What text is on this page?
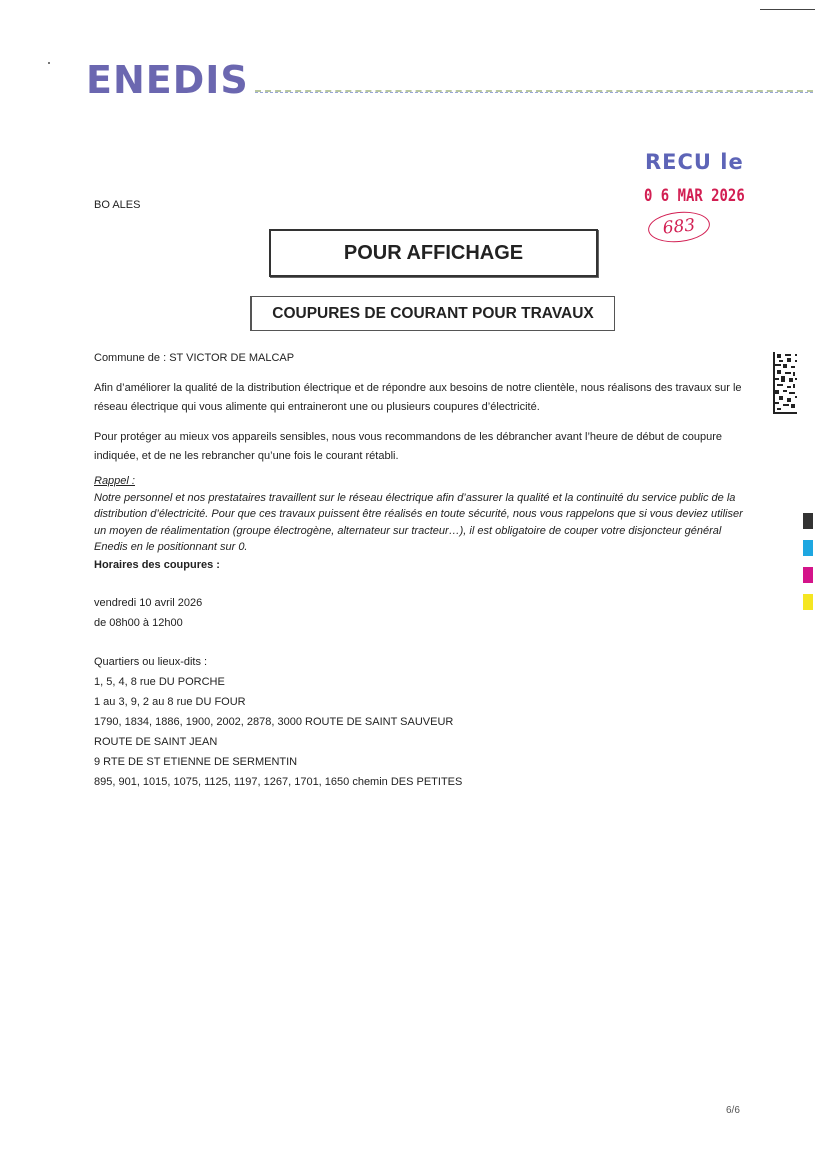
ENEDIS
RECU le
0 6 MAR 2026
683
BO ALES
POUR AFFICHAGE
COUPURES DE COURANT POUR TRAVAUX
Commune de : ST VICTOR DE MALCAP
Afin d’améliorer la qualité de la distribution électrique et de répondre aux besoins de notre clientèle, nous réalisons des travaux sur le réseau électrique qui vous alimente qui entraineront une ou plusieurs coupures d’électricité.
Pour protéger au mieux vos appareils sensibles, nous vous recommandons de les débrancher avant l’heure de début de coupure indiquée, et de ne les rebrancher qu’une fois le courant rétabli.
Rappel :
Notre personnel et nos prestataires travaillent sur le réseau électrique afin d’assurer la qualité et la continuité du service public de la distribution d’électricité. Pour que ces travaux puissent être réalisés en toute sécurité, nous vous rappelons que si vous deviez utiliser un moyen de réalimentation (groupe électrogène, alternateur sur tracteur…), il est obligatoire de couper votre disjoncteur général Enedis en le positionnant sur 0.
Horaires des coupures :
vendredi 10 avril 2026
de 08h00 à 12h00
Quartiers ou lieux-dits :
1, 5, 4, 8 rue DU PORCHE
1 au 3, 9, 2 au 8 rue DU FOUR
1790, 1834, 1886, 1900, 2002, 2878, 3000 ROUTE DE SAINT SAUVEUR
ROUTE DE SAINT JEAN
9 RTE DE ST ETIENNE DE SERMENTIN
895, 901, 1015, 1075, 1125, 1197, 1267, 1701, 1650 chemin DES PETITES
6/6
